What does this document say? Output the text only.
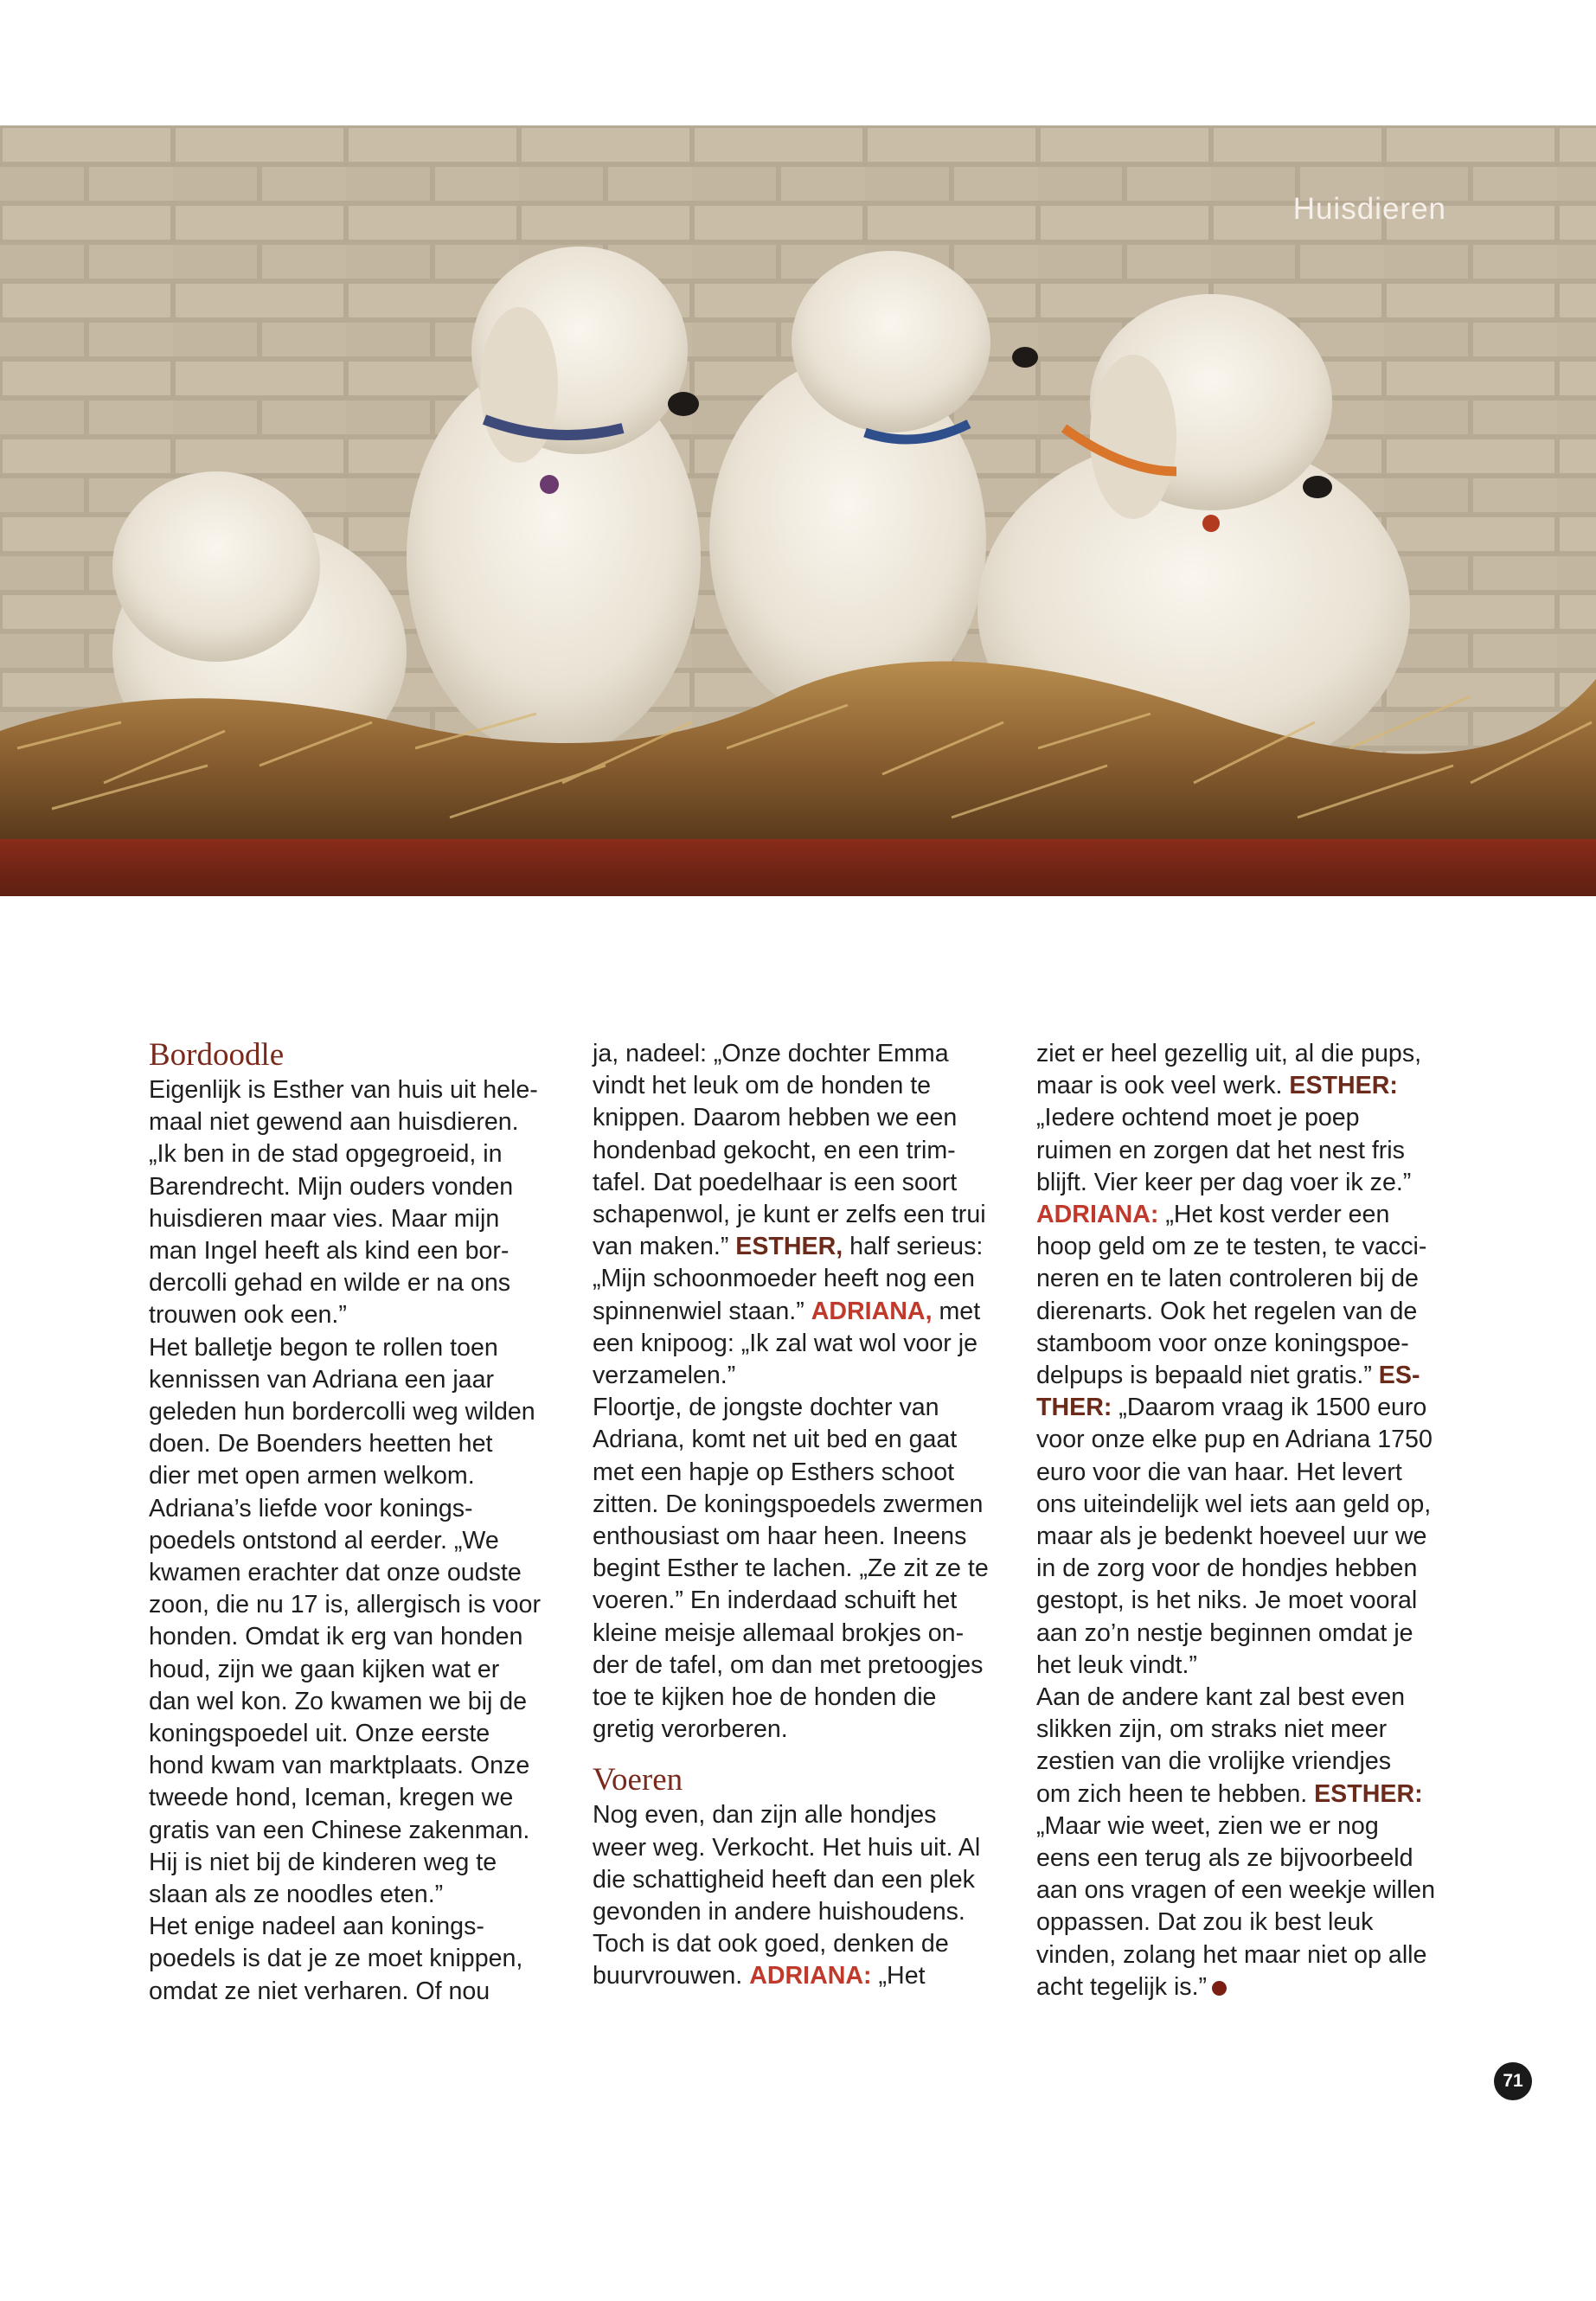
Huisdieren
Bordoodle

Eigenlijk is Esther van huis uit hele-

maal niet gewend aan huisdieren.

„Ik ben in de stad opgegroeid, in

Barendrecht. Mijn ouders vonden

huisdieren maar vies. Maar mijn

man Ingel heeft als kind een bor-

dercolli gehad en wilde er na ons

trouwen ook een.”

Het balletje begon te rollen toen

kennissen van Adriana een jaar

geleden hun bordercolli weg wilden

doen. De Boenders heetten het

dier met open armen welkom.

Adriana’s liefde voor konings-

poedels ontstond al eerder. „We

kwamen erachter dat onze oudste

zoon, die nu 17 is, allergisch is voor

honden. Omdat ik erg van honden

houd, zijn we gaan kijken wat er

dan wel kon. Zo kwamen we bij de

koningspoedel uit. Onze eerste

hond kwam van marktplaats. Onze

tweede hond, Iceman, kregen we

gratis van een Chinese zakenman.

Hij is niet bij de kinderen weg te

slaan als ze noodles eten.”

Het enige nadeel aan konings-

poedels is dat je ze moet knippen,

omdat ze niet verharen. Of nou

ja, nadeel: „Onze dochter Emma

vindt het leuk om de honden te

knippen. Daarom hebben we een

hondenbad gekocht, en een trim-

tafel. Dat poedelhaar is een soort

schapenwol, je kunt er zelfs een trui

van maken.” ESTHER, half serieus:

„Mijn schoonmoeder heeft nog een

spinnenwiel staan.” ADRIANA, met

een knipoog: „Ik zal wat wol voor je

verzamelen.”

Floortje, de jongste dochter van

Adriana, komt net uit bed en gaat

met een hapje op Esthers schoot

zitten. De koningspoedels zwermen

enthousiast om haar heen. Ineens

begint Esther te lachen. „Ze zit ze te

voeren.” En inderdaad schuift het

kleine meisje allemaal brokjes on-

der de tafel, om dan met pretoogjes

toe te kijken hoe de honden die

gretig verorberen.

Voeren

Nog even, dan zijn alle hondjes

weer weg. Verkocht. Het huis uit. Al

die schattigheid heeft dan een plek

gevonden in andere huishoudens.

Toch is dat ook goed, denken de

buurvrouwen. ADRIANA: „Het

ziet er heel gezellig uit, al die pups,

maar is ook veel werk. ESTHER:

„Iedere ochtend moet je poep

ruimen en zorgen dat het nest fris

blijft. Vier keer per dag voer ik ze.”

ADRIANA: „Het kost verder een

hoop geld om ze te testen, te vacci-

neren en te laten controleren bij de

dierenarts. Ook het regelen van de

stamboom voor onze koningspoe-

delpups is bepaald niet gratis.” ES-

THER: „Daarom vraag ik 1500 euro

voor onze elke pup en Adriana 1750

euro voor die van haar. Het levert

ons uiteindelijk wel iets aan geld op,

maar als je bedenkt hoeveel uur we

in de zorg voor de hondjes hebben

gestopt, is het niks. Je moet vooral

aan zo’n nestje beginnen omdat je

het leuk vindt.”

Aan de andere kant zal best even

slikken zijn, om straks niet meer

zestien van die vrolijke vriendjes

om zich heen te hebben. ESTHER:

„Maar wie weet, zien we er nog

eens een terug als ze bijvoorbeeld

aan ons vragen of een weekje willen

oppassen. Dat zou ik best leuk

vinden, zolang het maar niet op alle

acht tegelijk is.”

71
